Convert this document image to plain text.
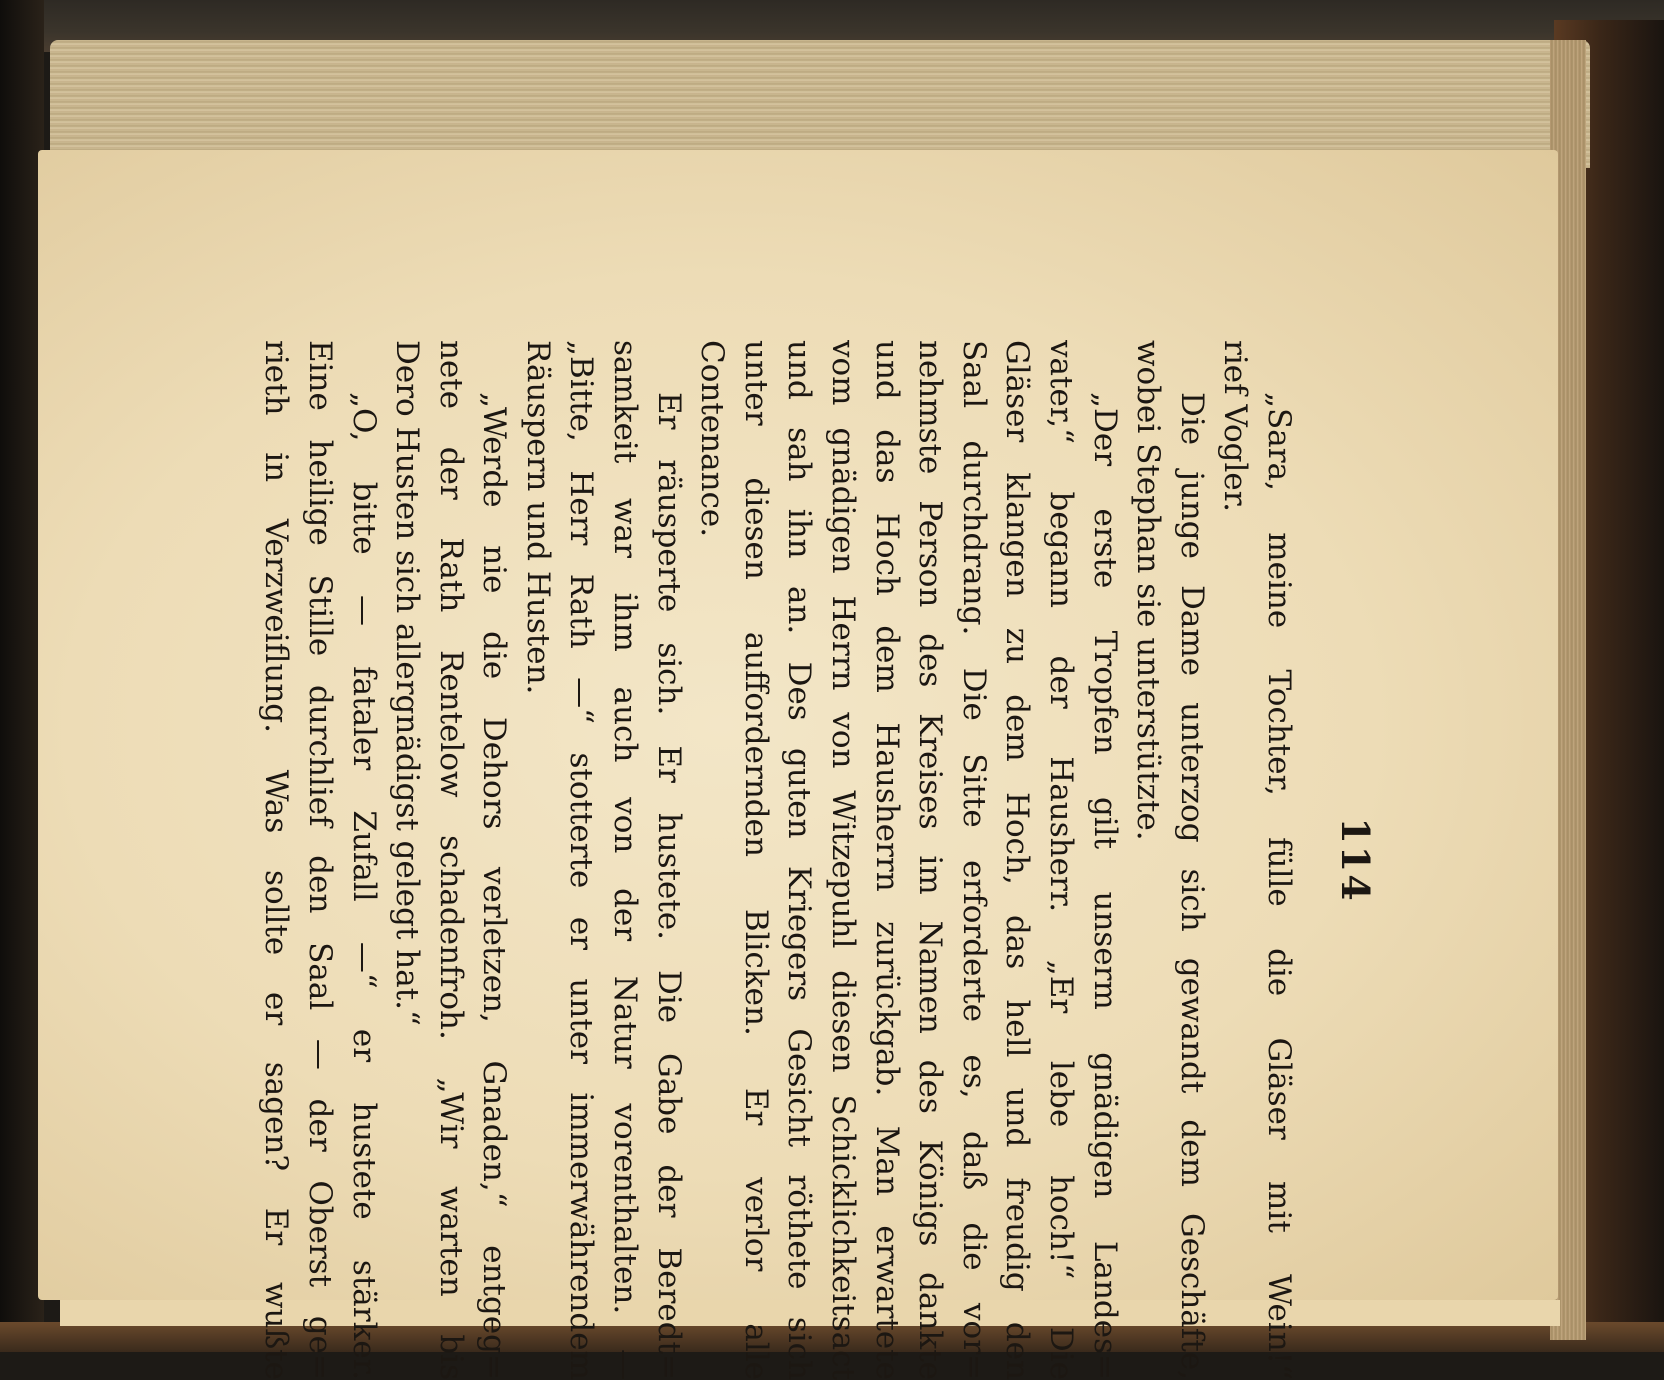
114
„Sara, meine Tochter, fülle die Gläser mit Wein!“
rief Vogler.
Die junge Dame unterzog sich gewandt dem Geschäfte,
wobei Stephan sie unterstützte.
„Der erste Tropfen gilt unserm gnädigen Landes=
vater,“ begann der Hausherr. „Er lebe hoch!“ Die
Gläser klangen zu dem Hoch, das hell und freudig den
Saal durchdrang. Die Sitte erforderte es, daß die vor=
nehmste Person des Kreises im Namen des Königs dankte
und das Hoch dem Hausherrn zurückgab. Man erwartete
vom gnädigen Herrn von Witzepuhl diesen Schicklichkeitsact
und sah ihn an. Des guten Kriegers Gesicht röthete sich
unter diesen auffordernden Blicken. Er verlor alle
Contenance.
Er räusperte sich. Er hustete. Die Gabe der Beredt=
samkeit war ihm auch von der Natur vorenthalten. —
„Bitte, Herr Rath —“ stotterte er unter immerwährendem
Räuspern und Husten.
„Werde nie die Dehors verletzen, Gnaden,“ entgeg=
nete der Rath Rentelow schadenfroh. „Wir warten bis
Dero Husten sich allergnädigst gelegt hat.“
„O, bitte — fataler Zufall —“ er hustete stärker.
Eine heilige Stille durchlief den Saal — der Oberst ge=
rieth in Verzweiflung. Was sollte er sagen? Er wußte
